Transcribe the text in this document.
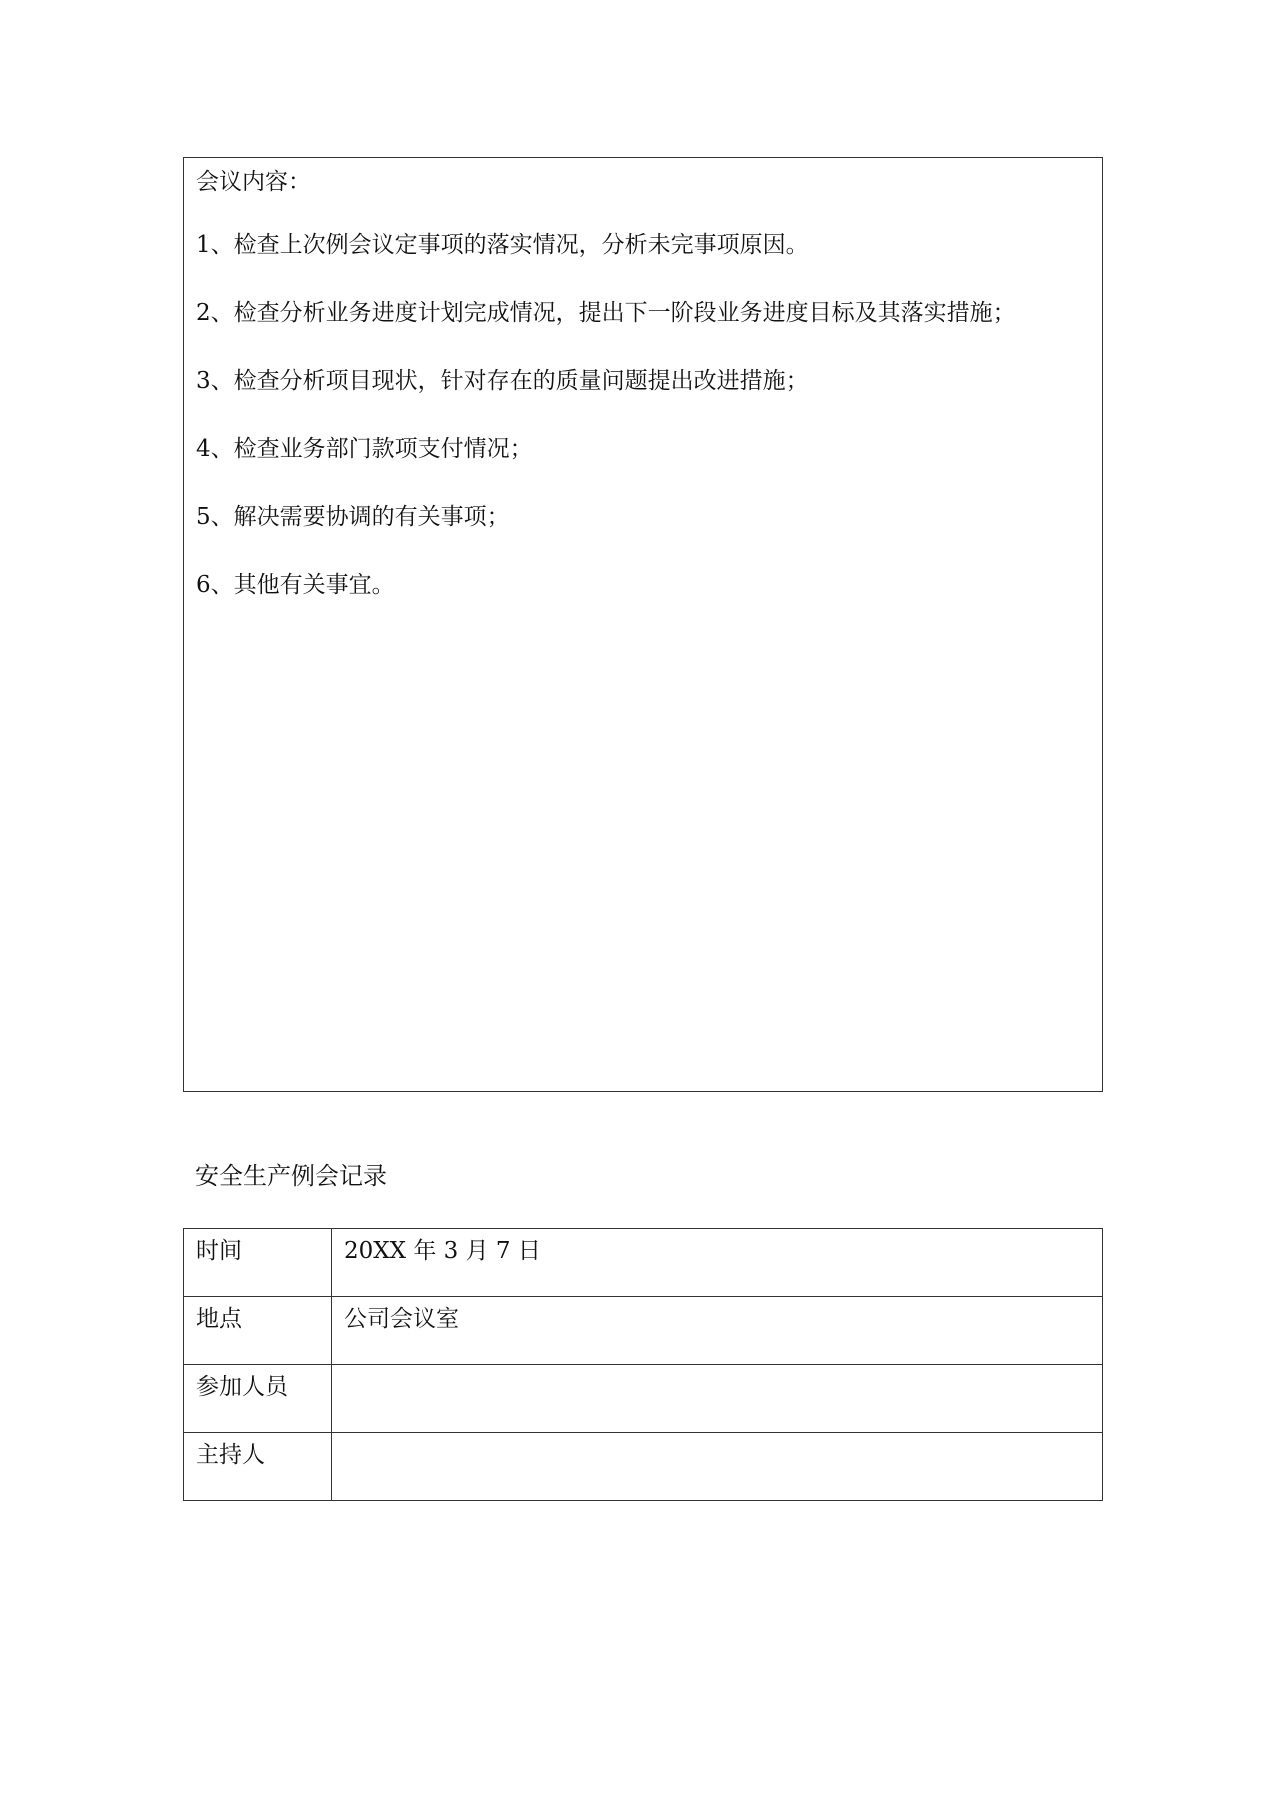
会议内容：
1、检查上次例会议定事项的落实情况，分析未完事项原因。
2、检查分析业务进度计划完成情况，提出下一阶段业务进度目标及其落实措施；
3、检查分析项目现状，针对存在的质量问题提出改进措施；
4、检查业务部门款项支付情况；
5、解决需要协调的有关事项；
6、其他有关事宜。
安全生产例会记录
时间	20XX 年 3 月 7 日
地点	公司会议室
参加人员	
主持人	
